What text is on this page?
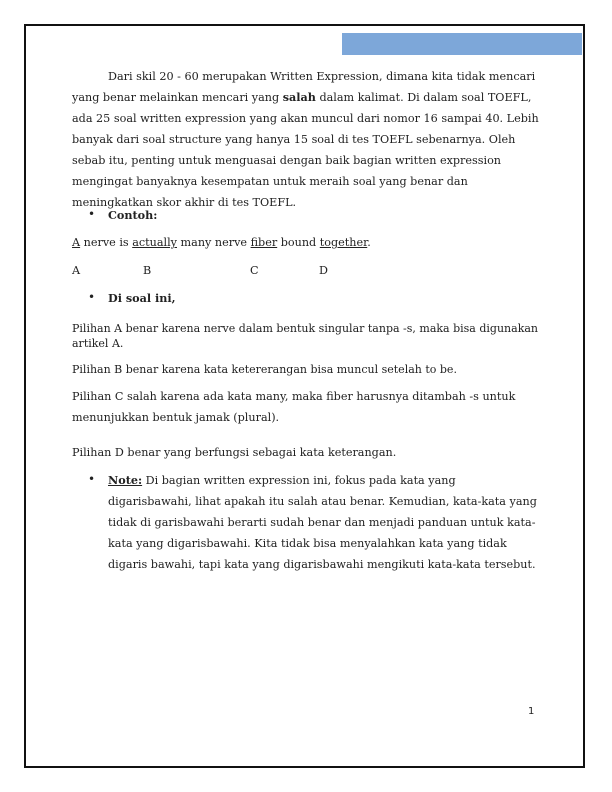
Dari skil 20 - 60 merupakan Written Expression, dimana kita tidak mencari yang benar melainkan mencari yang salah dalam kalimat. Di dalam soal TOEFL, ada 25 soal written expression yang akan muncul dari nomor 16 sampai 40. Lebih banyak dari soal structure yang hanya 15 soal di tes TOEFL sebenarnya. Oleh sebab itu, penting untuk menguasai dengan baik bagian written expression mengingat banyaknya kesempatan untuk meraih soal yang benar dan meningkatkan skor akhir di tes TOEFL.

• Contoh:
A nerve is actually many nerve fiber bound together.
A	B	C	D
• Di soal ini,

Pilihan A benar karena nerve dalam bentuk singular tanpa -s, maka bisa digunakan artikel A.

Pilihan B benar karena kata ketererangan bisa muncul setelah to be.

Pilihan C salah karena ada kata many, maka fiber harusnya ditambah -s untuk menunjukkan bentuk jamak (plural).

Pilihan D benar yang berfungsi sebagai kata keterangan.

• Note: Di bagian written expression ini, fokus pada kata yang digarisbawahi, lihat apakah itu salah atau benar. Kemudian, kata-kata yang tidak di garisbawahi berarti sudah benar dan menjadi panduan untuk kata-kata yang digarisbawahi. Kita tidak bisa menyalahkan kata yang tidak digaris bawahi, tapi kata yang digarisbawahi mengikuti kata-kata tersebut.

1
